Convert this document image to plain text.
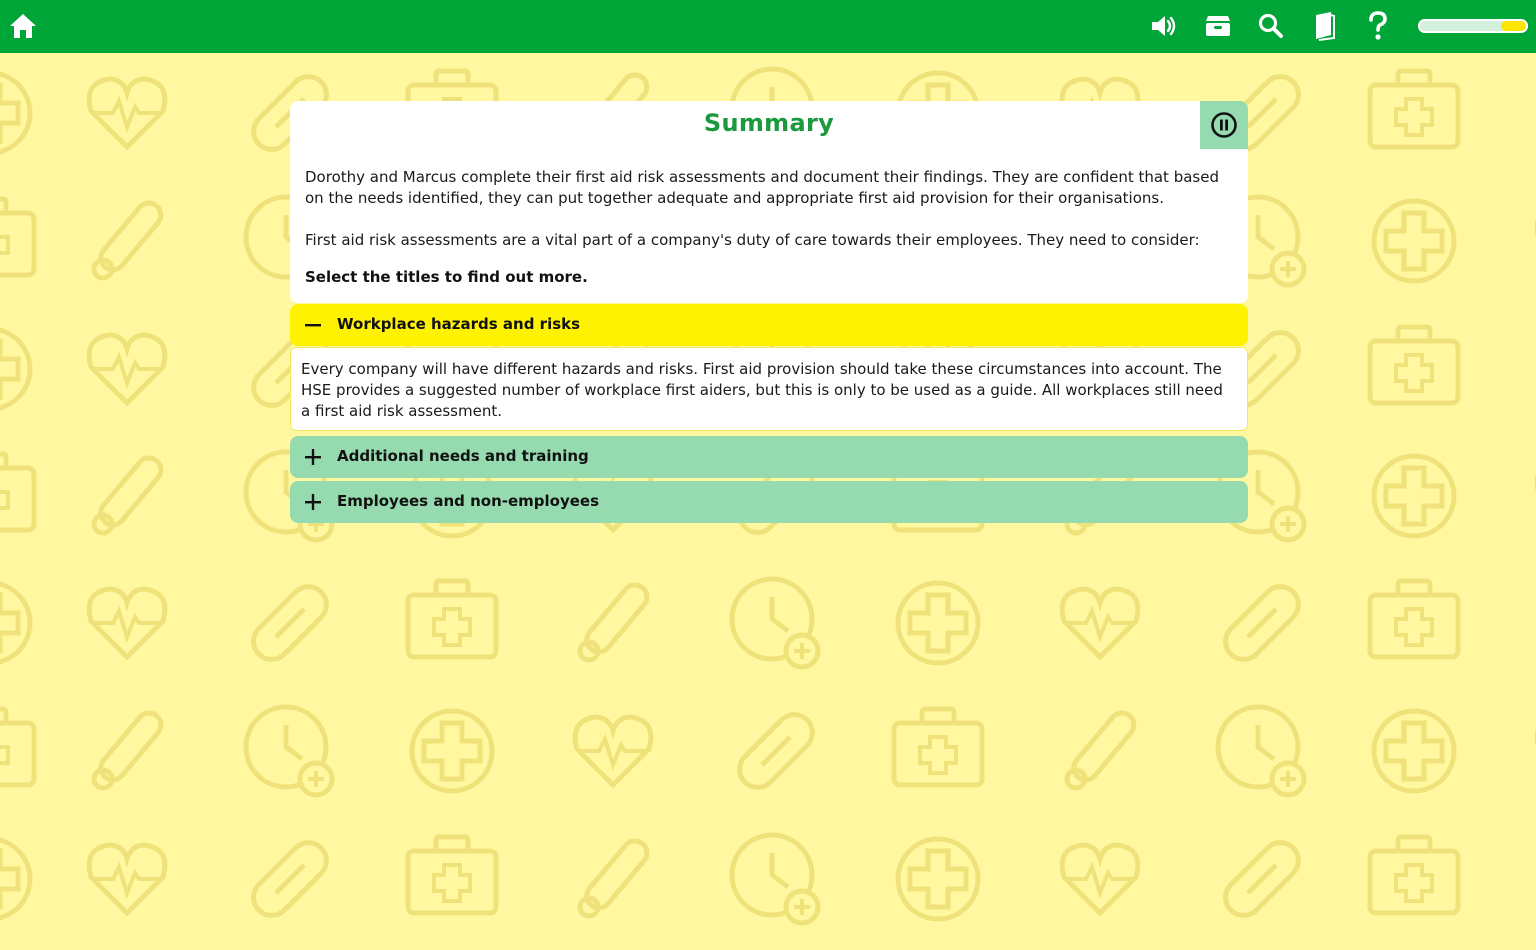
Summary
Dorothy and Marcus complete their first aid risk assessments and document their findings. They are confident that based on the needs identified, they can put together adequate and appropriate first aid provision for their organisations.
First aid risk assessments are a vital part of a company's duty of care towards their employees. They need to consider:
Select the titles to find out more.
Workplace hazards and risks
Every company will have different hazards and risks. First aid provision should take these circumstances into account. The HSE provides a suggested number of workplace first aiders, but this is only to be used as a guide. All workplaces still need a first aid risk assessment.
Additional needs and training
Employees and non-employees
